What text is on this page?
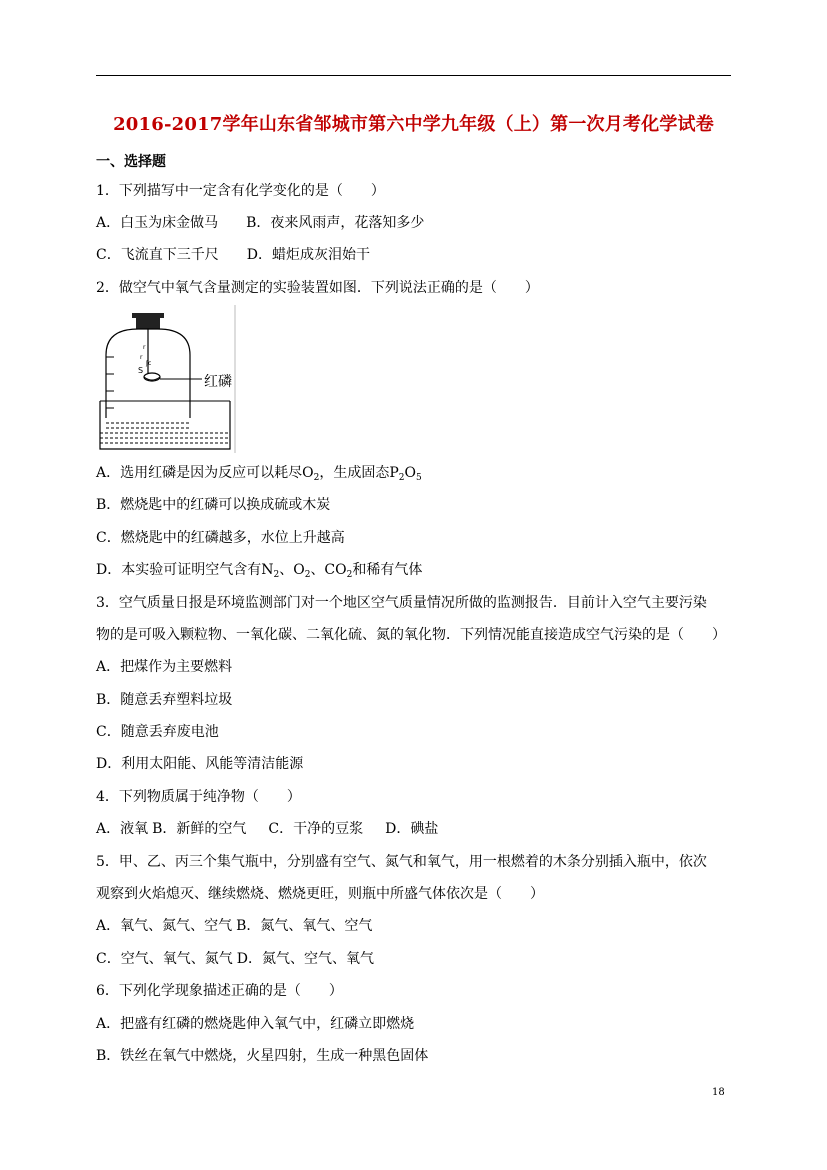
2016-2017学年山东省邹城市第六中学九年级（上）第一次月考化学试卷
一、选择题
1．下列描写中一定含有化学变化的是（　　）
A．白玉为床金做马 B．夜来风雨声，花落知多少
C．飞流直下三千尺 D．蜡炬成灰泪始干
2．做空气中氧气含量测定的实验装置如图．下列说法正确的是（　　）
r
r
ʃc
S
红磷
A．选用红磷是因为反应可以耗尽$O_2$，生成固态$P_2O_5$
B．燃烧匙中的红磷可以换成硫或木炭
C．燃烧匙中的红磷越多，水位上升越高
D．本实验可证明空气含有$N_2$、$O_2$、$CO_2$和稀有气体
3．空气质量日报是环境监测部门对一个地区空气质量情况所做的监测报告．目前计入空气主要污染
物的是可吸入颗粒物、一氧化碳、二氧化硫、氮的氧化物．下列情况能直接造成空气污染的是（　　）
A．把煤作为主要燃料
B．随意丢弃塑料垃圾
C．随意丢弃废电池
D．利用太阳能、风能等清洁能源
4．下列物质属于纯净物（　　）
A．液氧 B．新鲜的空气 C．干净的豆浆 D．碘盐
5．甲、乙、丙三个集气瓶中，分别盛有空气、氮气和氧气，用一根燃着的木条分别插入瓶中，依次
观察到火焰熄灭、继续燃烧、燃烧更旺，则瓶中所盛气体依次是（　　）
A．氧气、氮气、空气 B．氮气、氧气、空气
C．空气、氧气、氮气 D．氮气、空气、氧气
6．下列化学现象描述正确的是（　　）
A．把盛有红磷的燃烧匙伸入氧气中，红磷立即燃烧
B．铁丝在氧气中燃烧，火星四射，生成一种黑色固体
18
